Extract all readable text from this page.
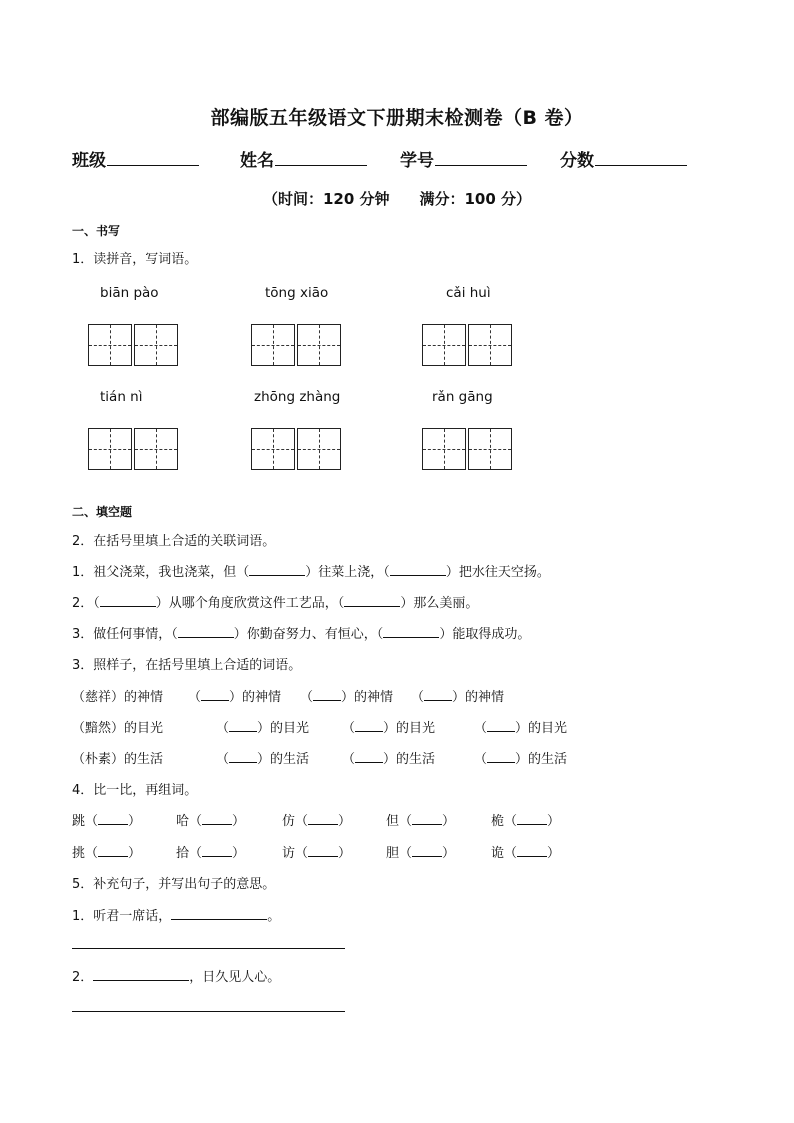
部编版五年级语文下册期末检测卷（B 卷）
班级	姓名	学号	分数
（时间：120 分钟　　满分：100 分）
一、书写
1．读拼音，写词语。
biān pào	tōng xiāo	cǎi huì
tián nì	zhōng zhàng	rǎn gāng
二、填空题
2．在括号里填上合适的关联词语。
1．祖父浇菜，我也浇菜，但（	）往菜上浇，（	）把水往天空扬。
2．（	）从哪个角度欣赏这件工艺品，（	）那么美丽。
3．做任何事情，（	）你勤奋努力、有恒心，（	）能取得成功。
3．照样子，在括号里填上合适的词语。
（慈祥）的神情 （ ）的神情 （ ）的神情 （ ）的神情
（黯然）的目光	（ ）的目光	（ ）的目光	（ ）的目光
（朴素）的生活	（ ）的生活	（ ）的生活	（ ）的生活
4．比一比，再组词。
跳（ ）	哈（ ）	仿（ ）	但（ ）	桅（ ）
挑（ ）	拾（ ）	访（ ）	胆（ ）	诡（ ）
5．补充句子，并写出句子的意思。
1．听君一席话，	。
2．	，日久见人心。
